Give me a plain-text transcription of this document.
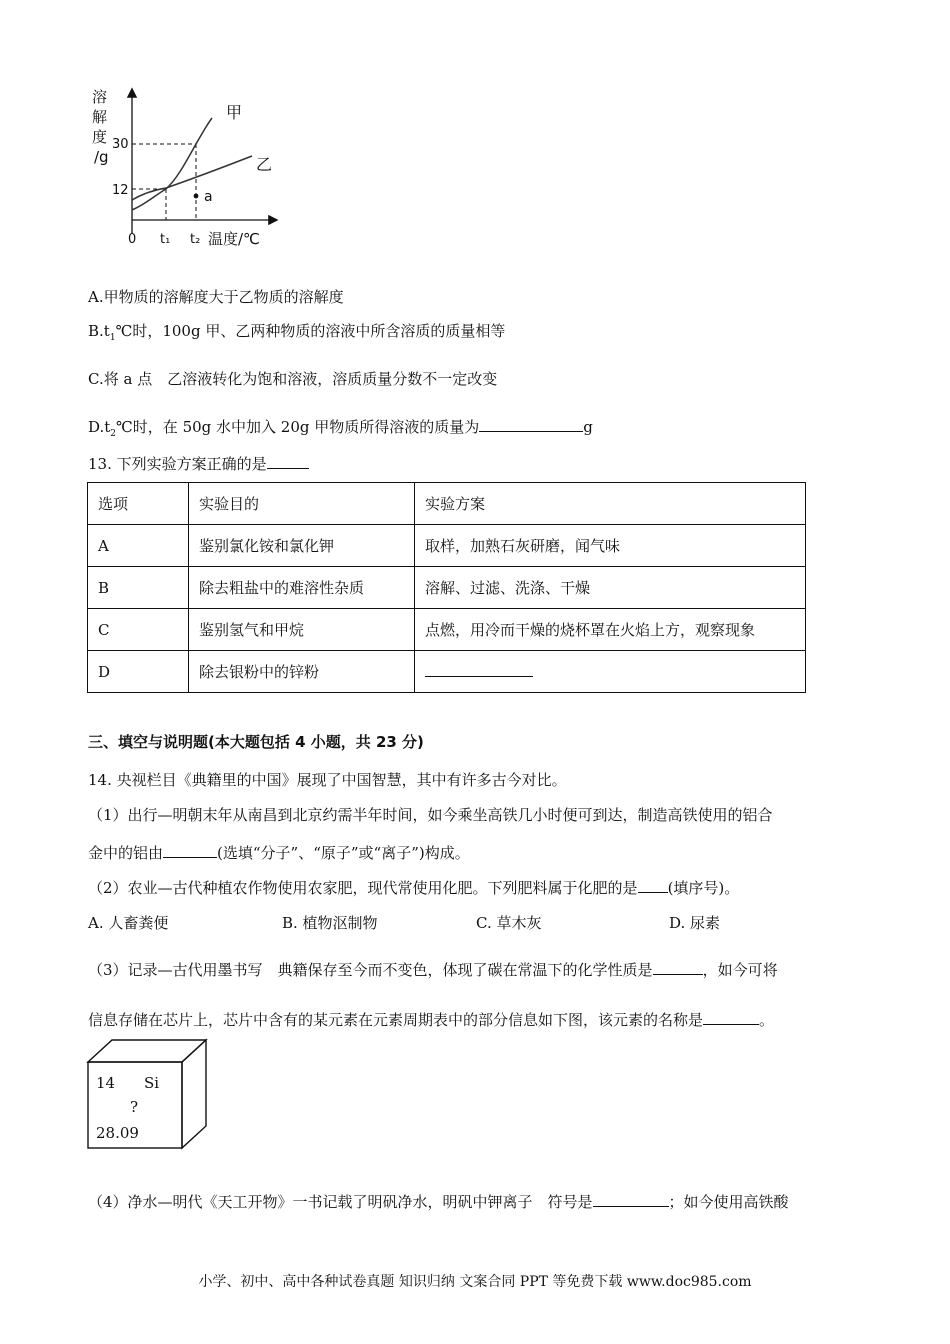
溶
解
度
/g
30
12
0 t₁ t₂ 温度/℃
甲
乙
a
A.甲物质的溶解度大于乙物质的溶解度
$B.t_1℃$时，100g 甲、乙两种物质的溶液中所含溶质的质量相等
C.将 a 点　乙溶液转化为饱和溶液，溶质质量分数不一定改变
$D.t_2℃$时，在 50g 水中加入 20g 甲物质所得溶液的质量为	g
13. 下列实验方案正确的是
选项	实验目的	实验方案
A	鉴别氯化铵和氯化钾	取样，加熟石灰研磨，闻气味
B	除去粗盐中的难溶性杂质	溶解、过滤、洗涤、干燥
C	鉴别氢气和甲烷	点燃，用冷而干燥的烧杯罩在火焰上方，观察现象
D	除去银粉中的锌粉	
三、填空与说明题(本大题包括 4 小题，共 23 分)
14. 央视栏目《典籍里的中国》展现了中国智慧，其中有许多古今对比。
（1）出行—明朝末年从南昌到北京约需半年时间，如今乘坐高铁几小时便可到达，制造高铁使用的铝合
金中的铝由	(选填“分子”、“原子”或“离子”)构成。
（2）农业—古代种植农作物使用农家肥，现代常使用化肥。下列肥料属于化肥的是 (填序号)。
A. 人畜粪便	B. 植物沤制物	C. 草木灰	D. 尿素
（3）记录—古代用墨书写　典籍保存至今而不变色，体现了碳在常温下的化学性质是	，如今可将
信息存储在芯片上，芯片中含有的某元素在元素周期表中的部分信息如下图，该元素的名称是	。
14 Si
?
28.09
（4）净水—明代《天工开物》一书记载了明矾净水，明矾中钾离子　符号是	；如今使用高铁酸
小学、初中、高中各种试卷真题 知识归纳 文案合同 PPT 等免费下载 www.doc985.com
